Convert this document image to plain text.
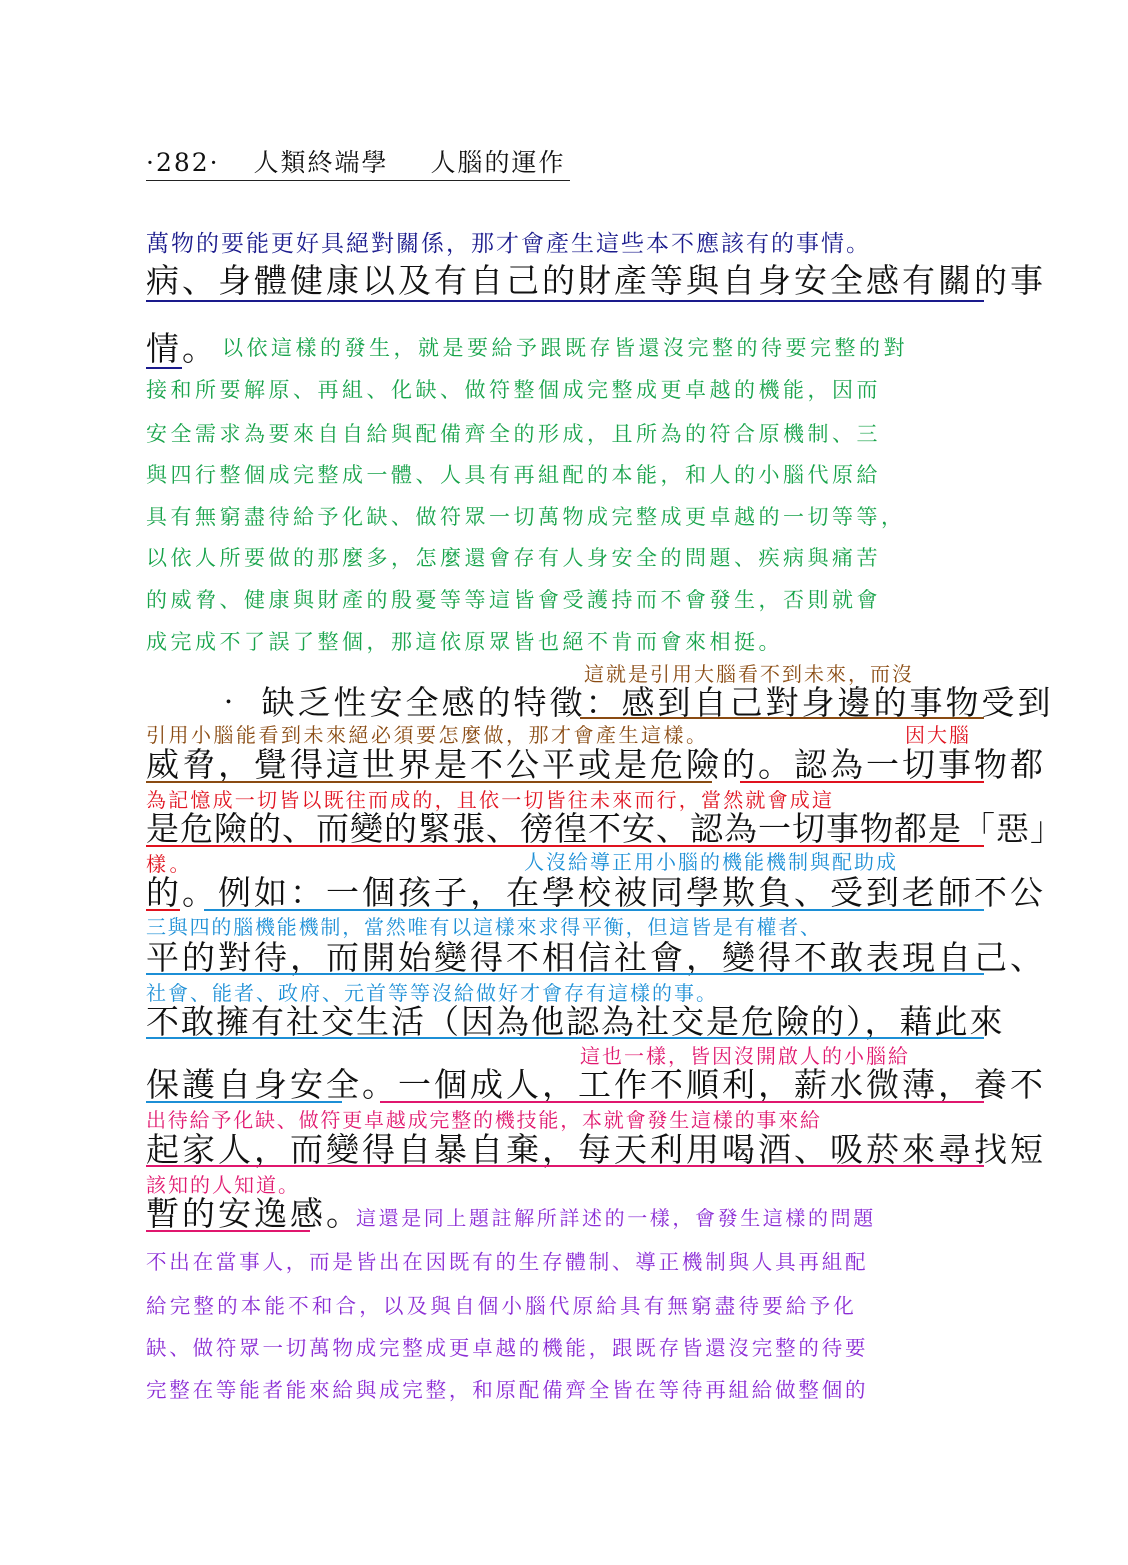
·282· 人類終端學 人腦的運作
萬物的要能更好具絕對關係，那才會產生這些本不應該有的事情。
病、身體健康以及有自己的財產等與自身安全感有關的事
情。 以依這樣的發生，就是要給予跟既存皆還沒完整的待要完整的對
接和所要解原、再組、化缺、做符整個成完整成更卓越的機能，因而
安全需求為要來自自給與配備齊全的形成，且所為的符合原機制、三
與四行整個成完整成一體、人具有再組配的本能，和人的小腦代原給
具有無窮盡待給予化缺、做符眾一切萬物成完整成更卓越的一切等等，
以依人所要做的那麼多，怎麼還會存有人身安全的問題、疾病與痛苦
的威脅、健康與財產的殷憂等等這皆會受護持而不會發生，否則就會
成完成不了誤了整個，那這依原眾皆也絕不肯而會來相挺。
這就是引用大腦看不到未來，而沒
‧ 缺乏性安全感的特徵：感到自己對身邊的事物受到
引用小腦能看到未來絕必須要怎麼做，那才會產生這樣。	因大腦
威脅，覺得這世界是不公平或是危險的。認為一切事物都
為記憶成一切皆以既往而成的，且依一切皆往未來而行，當然就會成這
是危險的、而變的緊張、徬徨不安、認為一切事物都是「惡」
樣。	人沒給導正用小腦的機能機制與配助成
的。例如：一個孩子，在學校被同學欺負、受到老師不公
三與四的腦機能機制，當然唯有以這樣來求得平衡，但這皆是有權者、
平的對待，而開始變得不相信社會，變得不敢表現自己、
社會、能者、政府、元首等等沒給做好才會存有這樣的事。
不敢擁有社交生活（因為他認為社交是危險的），藉此來
這也一樣，皆因沒開啟人的小腦給
保護自身安全。一個成人，工作不順利，薪水微薄，養不
出待給予化缺、做符更卓越成完整的機技能，本就會發生這樣的事來給
起家人，而變得自暴自棄，每天利用喝酒、吸菸來尋找短
該知的人知道。
暫的安逸感。
這還是同上題註解所詳述的一樣，會發生這樣的問題
不出在當事人，而是皆出在因既有的生存體制、導正機制與人具再組配
給完整的本能不和合，以及與自個小腦代原給具有無窮盡待要給予化
缺、做符眾一切萬物成完整成更卓越的機能，跟既存皆還沒完整的待要
完整在等能者能來給與成完整，和原配備齊全皆在等待再組給做整個的
